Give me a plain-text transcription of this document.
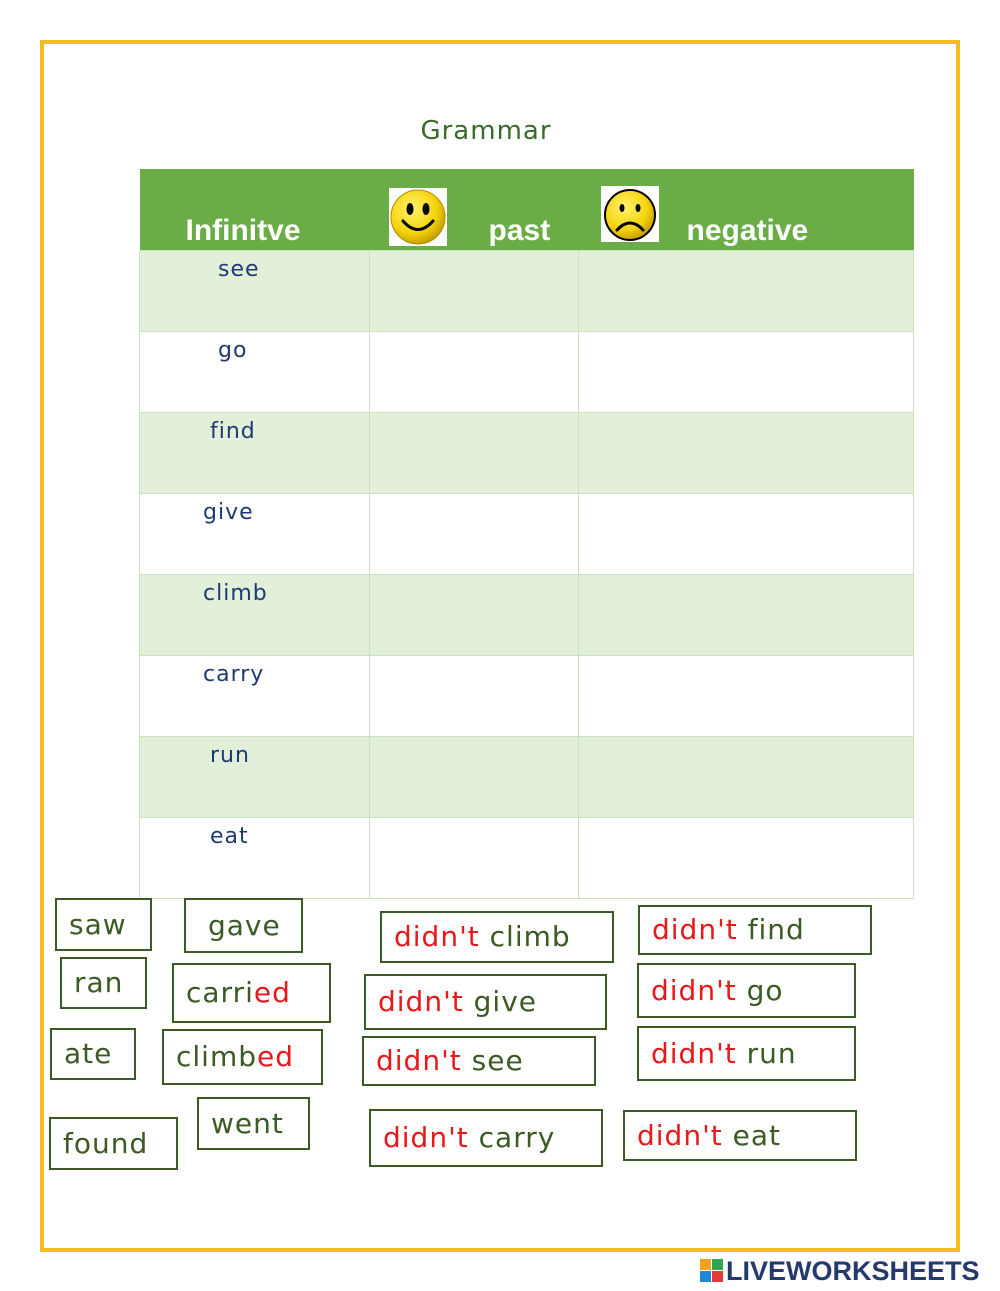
Grammar
Infinitve	past	negative

see		

go		

find		

give		

climb		

carry		

run		

eat		

saw	gave
ran carri ed
ate climb ed
went
found
didn't
climb	didn't
find
didn't
give	didn't
go
didn't
see	didn't
run
didn't
carry	didn't
eat
LIVEWORKSHEETS
